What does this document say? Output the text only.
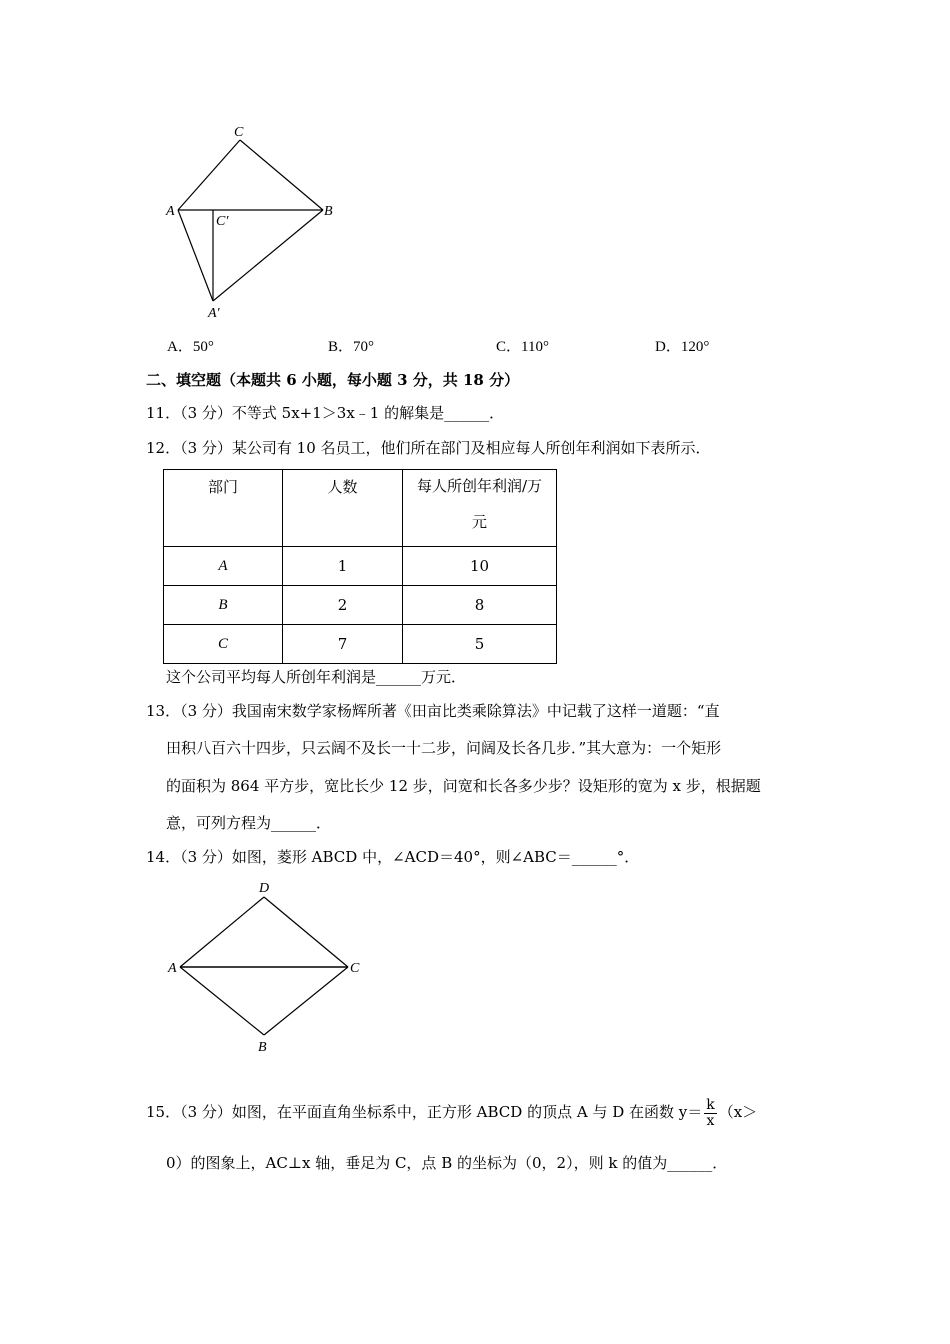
C
A	B
C′
A′
A．50°	B．70°	C．110°	D．120°
二、填空题（本题共 6 小题，每小题 3 分，共 18 分）
11．（3 分）不等式 5x+1＞3x﹣1 的解集是______．
12．（3 分）某公司有 10 名员工，他们所在部门及相应每人所创年利润如下表所示．
部门	人数	每人所创年利润/万
元

A	1	10
B	2	8
C	7	5
这个公司平均每人所创年利润是______万元．
13．（3 分）我国南宋数学家杨辉所著《田亩比类乘除算法》中记载了这样一道题：“直
田积八百六十四步，只云阔不及长一十二步，问阔及长各几步．”其大意为：一个矩形
的面积为 864 平方步，宽比长少 12 步，问宽和长各多少步？设矩形的宽为 x 步，根据题
意，可列方程为______．
14．（3 分）如图，菱形 ABCD 中，∠ACD＝40°，则∠ABC＝______°．
D
A	C
B
15．（3 分）如图，在平面直角坐标系中，正方形 ABCD 的顶点 A 与 D 在函数 $y= \frac{k}{x} (x>$
0）的图象上，AC⊥x 轴，垂足为 C，点 B 的坐标为（0，2），则 k 的值为______．
